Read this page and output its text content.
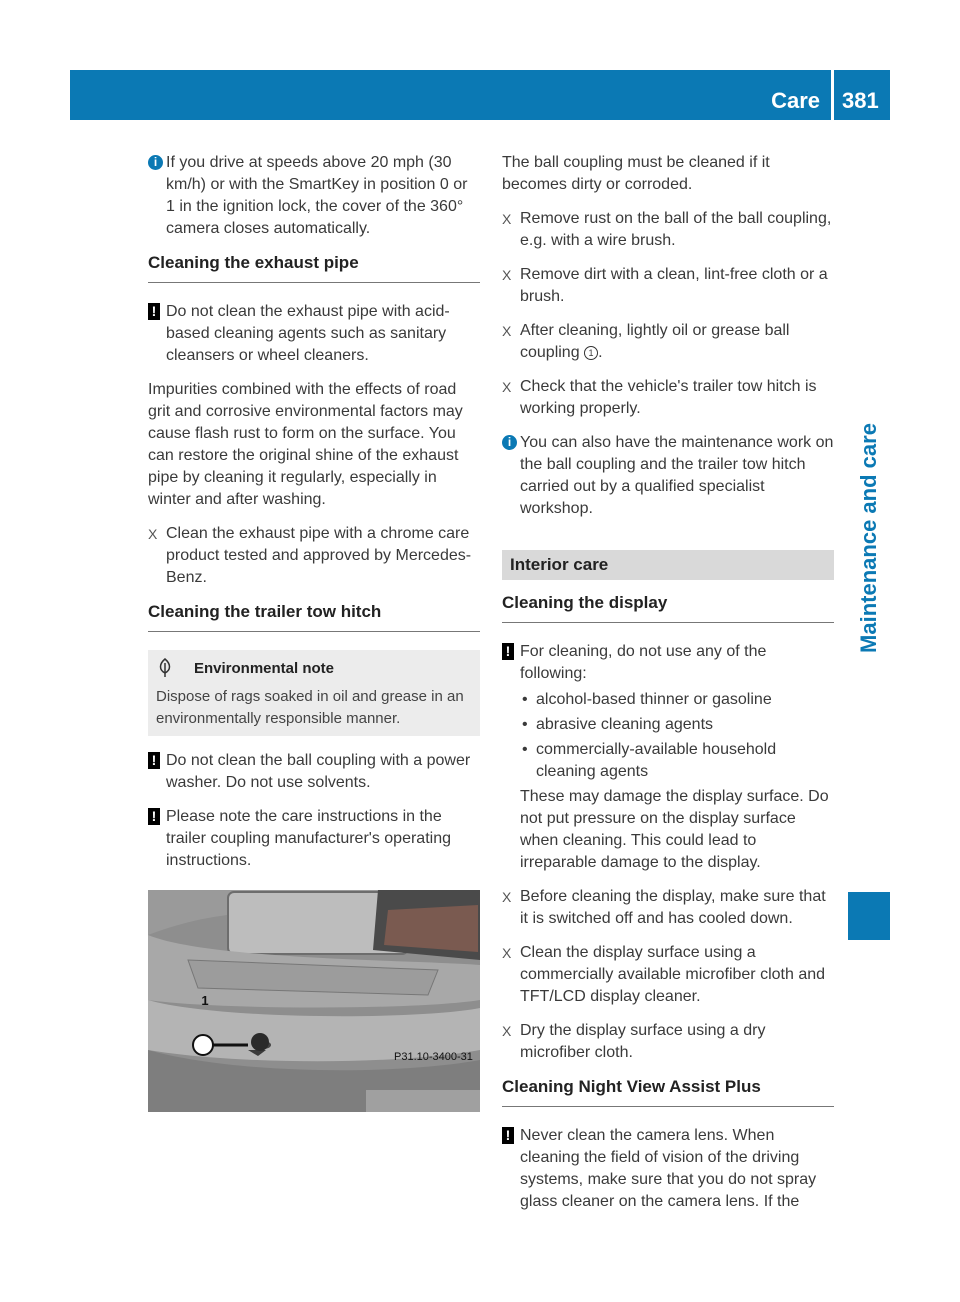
Care 381
Maintenance and care
i If you drive at speeds above 20 mph (30 km/h) or with the SmartKey in position 0 or 1 in the ignition lock, the cover of the 360° camera closes automatically.

Cleaning the exhaust pipe
! Do not clean the exhaust pipe with acid-based cleaning agents such as sanitary cleansers or wheel cleaners.

Impurities combined with the effects of road grit and corrosive environmental factors may cause flash rust to form on the surface. You can restore the original shine of the exhaust pipe by cleaning it regularly, especially in winter and after washing.

X Clean the exhaust pipe with a chrome care product tested and approved by Mercedes-Benz.

Cleaning the trailer tow hitch
Environmental note

Dispose of rags soaked in oil and grease in an environmentally responsible manner.

! Do not clean the ball coupling with a power washer. Do not use solvents.

! Please note the care instructions in the trailer coupling manufacturer's operating instructions.

1
P31.10-3400-31

The ball coupling must be cleaned if it becomes dirty or corroded.

X Remove rust on the ball of the ball coupling, e.g. with a wire brush.

X Remove dirt with a clean, lint-free cloth or a brush.

X After cleaning, lightly oil or grease ball coupling 1 .

X Check that the vehicle's trailer tow hitch is working properly.

i You can also have the maintenance work on the ball coupling and the trailer tow hitch carried out by a qualified specialist workshop.

Interior care
Cleaning the display
! For cleaning, do not use any of the following:

• alcohol-based thinner or gasoline
• abrasive cleaning agents
• commercially-available household cleaning agents

These may damage the display surface. Do not put pressure on the display surface when cleaning. This could lead to irreparable damage to the display.

X Before cleaning the display, make sure that it is switched off and has cooled down.

X Clean the display surface using a commercially available microfiber cloth and TFT/LCD display cleaner.

X Dry the display surface using a dry microfiber cloth.

Cleaning Night View Assist Plus
! Never clean the camera lens. When cleaning the field of vision of the driving systems, make sure that you do not spray glass cleaner on the camera lens. If the
